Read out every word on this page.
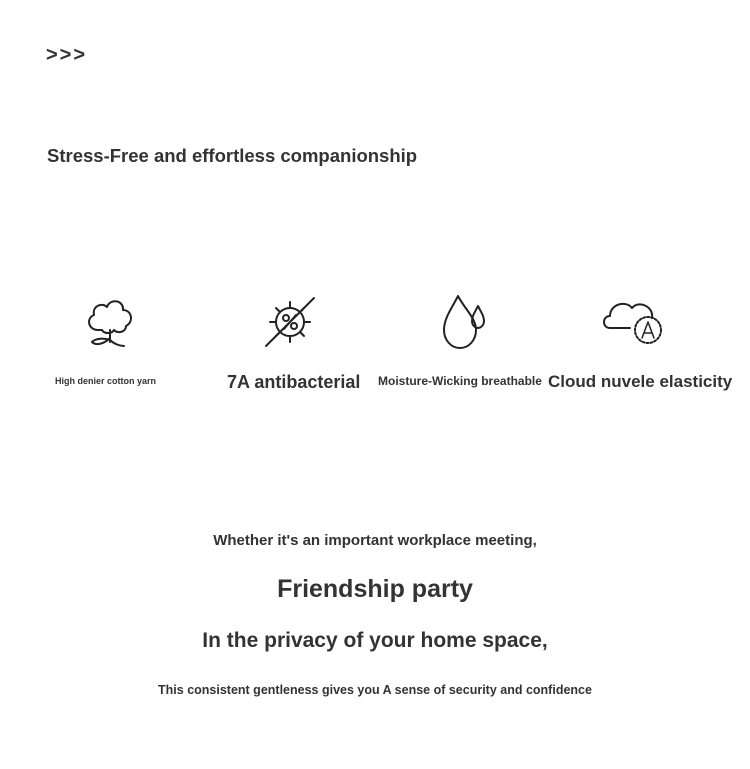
>>>
Stress-Free and effortless companionship
High denier cotton yarn	7A antibacterial Moisture-Wicking breathable Cloud nuvele elasticity
Whether it's an important workplace meeting,
Friendship party
In the privacy of your home space,
This consistent gentleness gives you A sense of security and confidence
